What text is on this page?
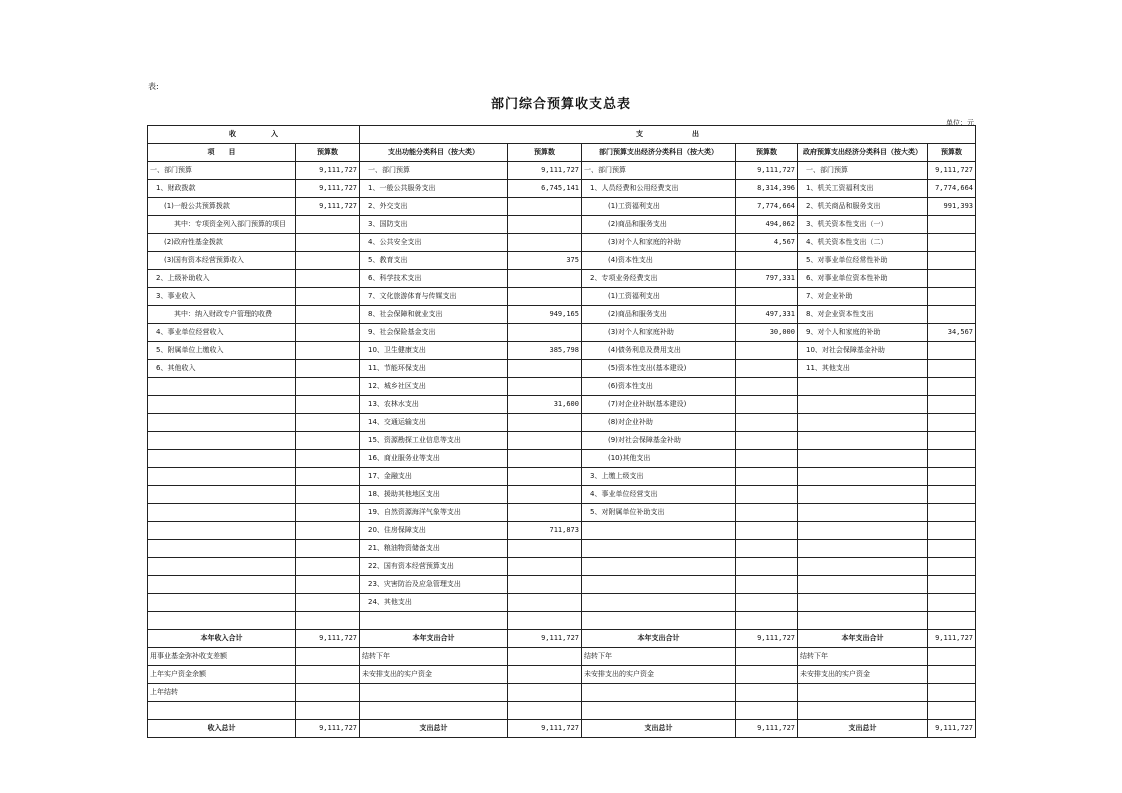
表:
部门综合预算收支总表
单位：元
收　　　　　入		支　　　　　　　出					
项　　目	预算数	支出功能分类科目（按大类）	预算数	部门预算支出经济分类科目（按大类）	预算数	政府预算支出经济分类科目（按大类）	预算数
一、部门预算	9,111,727	一、部门预算	9,111,727	一、部门预算	9,111,727	一、部门预算	9,111,727
1、财政拨款	9,111,727	1、一般公共服务支出	6,745,141	1、人员经费和公用经费支出	8,314,396	1、机关工资福利支出	7,774,664
(1)一般公共预算拨款	9,111,727	2、外交支出		(1)工资福利支出	7,774,664	2、机关商品和服务支出	991,393
其中：专项资金列入部门预算的项目		3、国防支出		(2)商品和服务支出	494,062	3、机关资本性支出（一）	
(2)政府性基金拨款		4、公共安全支出		(3)对个人和家庭的补助	4,567	4、机关资本性支出（二）	
(3)国有资本经营预算收入		5、教育支出	375	(4)资本性支出		5、对事业单位经常性补助	
2、上级补助收入		6、科学技术支出		2、专项业务经费支出	797,331	6、对事业单位资本性补助	
3、事业收入		7、文化旅游体育与传媒支出		(1)工资福利支出		7、对企业补助	
其中：纳入财政专户管理的收费		8、社会保障和就业支出	949,165	(2)商品和服务支出	497,331	8、对企业资本性支出	
4、事业单位经营收入		9、社会保险基金支出		(3)对个人和家庭补助	30,000	9、对个人和家庭的补助	34,567
5、附属单位上缴收入		10、卫生健康支出	385,798	(4)债务利息及费用支出		10、对社会保障基金补助	
6、其他收入		11、节能环保支出		(5)资本性支出(基本建设)		11、其他支出	
		12、城乡社区支出		(6)资本性支出			
		13、农林水支出	31,600	(7)对企业补助(基本建设)			
		14、交通运输支出		(8)对企业补助			
		15、资源勘探工业信息等支出		(9)对社会保障基金补助			
		16、商业服务业等支出		(10)其他支出			
		17、金融支出		3、上缴上级支出			
		18、援助其他地区支出		4、事业单位经营支出			
		19、自然资源海洋气象等支出		5、对附属单位补助支出			
		20、住房保障支出	711,873				
		21、粮油物资储备支出					
		22、国有资本经营预算支出					
		23、灾害防治及应急管理支出					
		24、其他支出					

本年收入合计	9,111,727	本年支出合计	9,111,727	本年支出合计	9,111,727	本年支出合计	9,111,727
用事业基金弥补收支差额		结转下年		结转下年		结转下年	
上年实户资金余额		未安排支出的实户资金		未安排支出的实户资金		未安排支出的实户资金	
上年结转							

收入总计	9,111,727	支出总计	9,111,727	支出总计	9,111,727	支出总计	9,111,727
